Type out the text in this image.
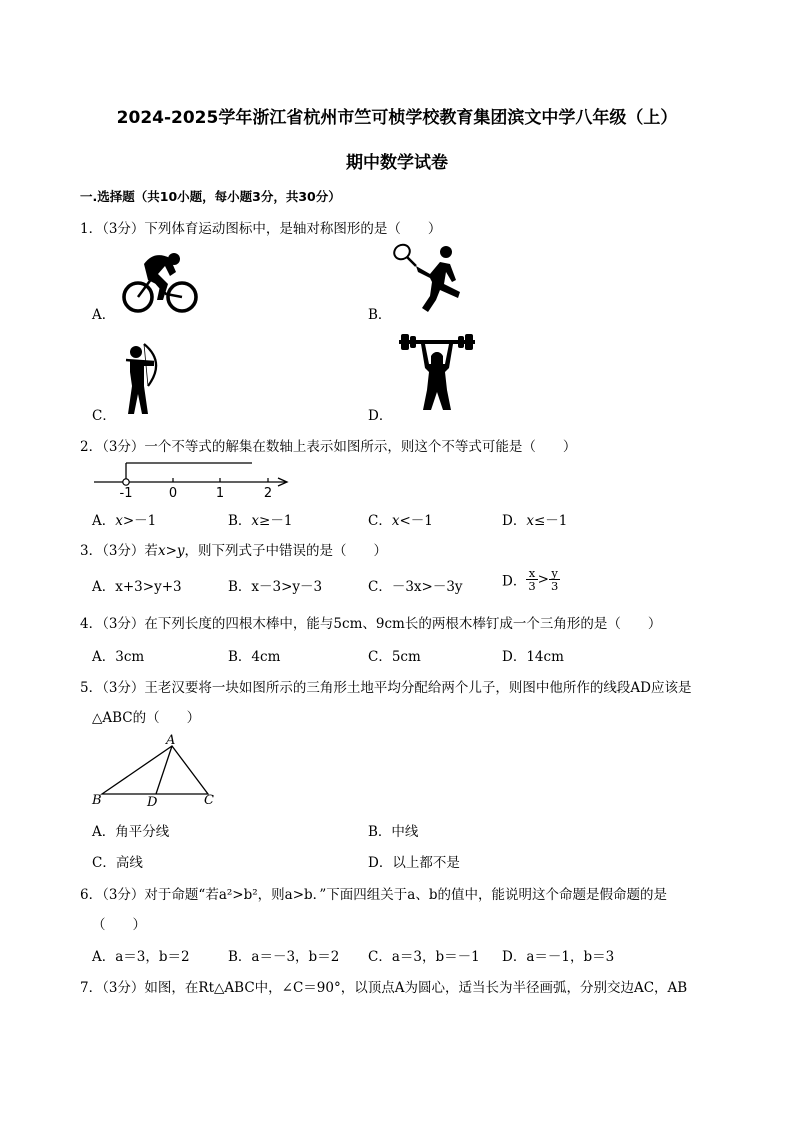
2024-2025学年浙江省杭州市竺可桢学校教育集团滨文中学八年级（上）
期中数学试卷
一.选择题（共10小题，每小题3分，共30分）
1．（3分）下列体育运动图标中，是轴对称图形的是（　　）
A．	B．
C．	D．
2．（3分）一个不等式的解集在数轴上表示如图所示，则这个不等式可能是（　　）
-1	0	1	2
A．x>－1	B．x≥－1	C．x<－1	D．x≤－1
3．（3分）若x>y，则下列式子中错误的是（　　）
A．x+3>y+3	B．x－3>y－3	C．－3x>－3y	D． $\frac{x}{3} > \frac{y}{3}$
4．（3分）在下列长度的四根木棒中，能与5cm、9cm长的两根木棒钉成一个三角形的是（　　）
A．3cm	B．4cm	C．5cm	D．14cm
5．（3分）王老汉要将一块如图所示的三角形土地平均分配给两个儿子，则图中他所作的线段AD应该是
△ABC的（　　）
A
B	D	C
A．角平分线	B．中线
C．高线	D．以上都不是
6．（3分）对于命题“若a²>b²，则a>b．”下面四组关于a、b的值中，能说明这个命题是假命题的是
（　　）
A．a＝3，b＝2	B．a＝－3，b＝2 C．a＝3，b＝－1 D．a＝－1，b＝3
7．（3分）如图，在Rt△ABC中，∠C＝90°，以顶点A为圆心，适当长为半径画弧，分别交边AC，AB
